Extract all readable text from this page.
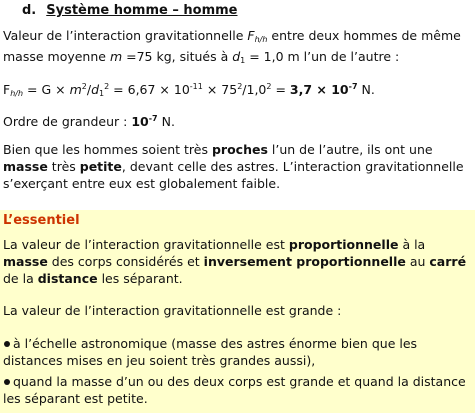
d. Système homme – homme
Valeur de l’interaction gravitationnelle $F_{h/h}$ entre deux hommes de même masse moyenne m =75 kg, situés à $d_1 = 1,0$ m l’un de l’autre :
$F_{h/h} = G \times m^2/d_1^2 = 6,67 \times 10^{-11} \times 75^2/1,0^2 = 3,7 \times 10^{-7}$ N.
Ordre de grandeur : $10^{-7}$ N.
Bien que les hommes soient très proches l’un de l’autre, ils ont une masse très petite, devant celle des astres. L’interaction gravitationnelle s’exerçant entre eux est globalement faible.
L’essentiel
La valeur de l’interaction gravitationnelle est proportionnelle à la masse des corps considérés et inversement proportionnelle au carré de la distance les séparant.
La valeur de l’interaction gravitationnelle est grande :
à l’échelle astronomique (masse des astres énorme bien que les distances mises en jeu soient très grandes aussi),
quand la masse d’un ou des deux corps est grande et quand la distance les séparant est petite.
